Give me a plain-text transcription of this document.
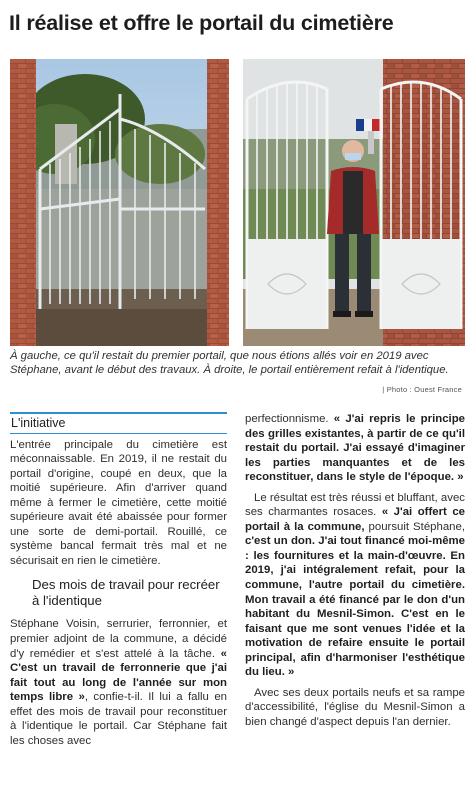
Il réalise et offre le portail du cimetière
À gauche, ce qu'il restait du premier portail, que nous étions allés voir en 2019 avec Stéphane, avant le début des travaux. À droite, le portail entièrement refait à l'identique.
| Photo : Ouest France
L'initiative

L'entrée principale du cimetière est méconnaissable. En 2019, il ne restait du portail d'origine, coupé en deux, que la moitié supérieure. Afin d'arriver quand même à fermer le cimetière, cette moitié supérieure avait été abaissée pour former une sorte de demi-portail. Rouillé, ce système bancal fermait très mal et ne sécurisait en rien le cimetière.

Des mois de travail pour recréer à l'identique

Stéphane Voisin, serrurier, ferronnier, et premier adjoint de la commune, a décidé d'y remédier et s'est attelé à la tâche. « C'est un travail de ferronnerie que j'ai fait tout au long de l'année sur mon temps libre », confie-t-il. Il lui a fallu en effet des mois de travail pour reconstituer à l'identique le portail. Car Stéphane fait les choses avec

perfectionnisme. « J'ai repris le principe des grilles existantes, à partir de ce qu'il restait du portail. J'ai essayé d'imaginer les parties manquantes et de les reconstituer, dans le style de l'époque. »

Le résultat est très réussi et bluffant, avec ses charmantes rosaces. « J'ai offert ce portail à la commune, poursuit Stéphane, c'est un don. J'ai tout financé moi-même : les fournitures et la main-d'œuvre. En 2019, j'ai intégralement refait, pour la commune, l'autre portail du cimetière. Mon travail a été financé par le don d'un habitant du Mesnil-Simon. C'est en le faisant que me sont venues l'idée et la motivation de refaire ensuite le portail principal, afin d'harmoniser l'esthétique du lieu. »

Avec ses deux portails neufs et sa rampe d'accessibilité, l'église du Mesnil-Simon a bien changé d'aspect depuis l'an dernier.
